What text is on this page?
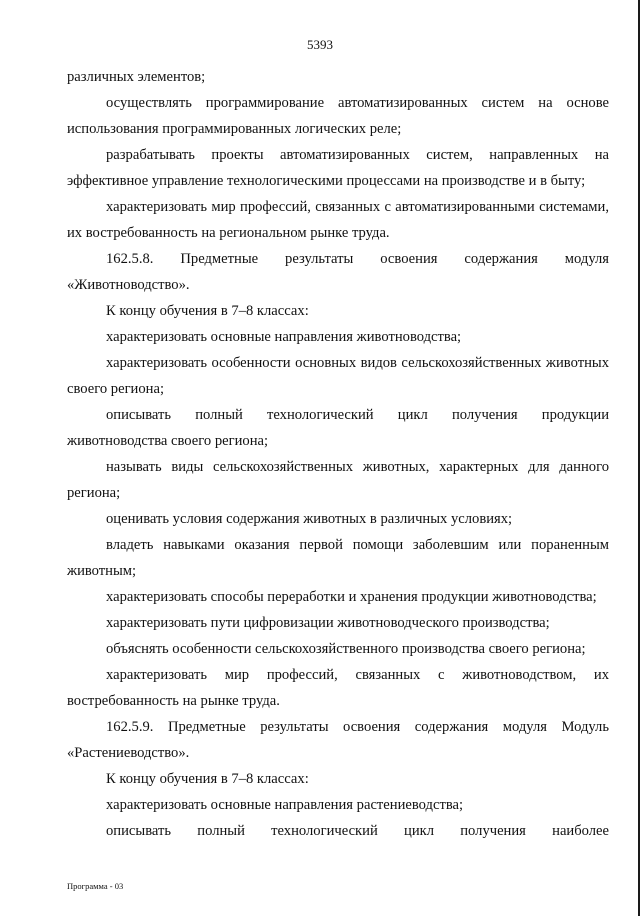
5393

различных элементов;

осуществлять программирование автоматизированных систем на основе использования программированных логических реле;

разрабатывать проекты автоматизированных систем, направленных на эффективное управление технологическими процессами на производстве и в быту;

характеризовать мир профессий, связанных с автоматизированными системами, их востребованность на региональном рынке труда.

162.5.8. Предметные результаты освоения содержания модуля «Животноводство».

К концу обучения в 7–8 классах:

характеризовать основные направления животноводства;

характеризовать особенности основных видов сельскохозяйственных животных своего региона;

описывать полный технологический цикл получения продукции животноводства своего региона;

называть виды сельскохозяйственных животных, характерных для данного региона;

оценивать условия содержания животных в различных условиях;

владеть навыками оказания первой помощи заболевшим или пораненным животным;

характеризовать способы переработки и хранения продукции животноводства;

характеризовать пути цифровизации животноводческого производства;

объяснять особенности сельскохозяйственного производства своего региона;

характеризовать мир профессий, связанных с животноводством, их востребованность на рынке труда.

162.5.9. Предметные результаты освоения содержания модуля Модуль «Растениеводство».

К концу обучения в 7–8 классах:

характеризовать основные направления растениеводства;

описывать полный технологический цикл получения наиболее

Программа - 03
